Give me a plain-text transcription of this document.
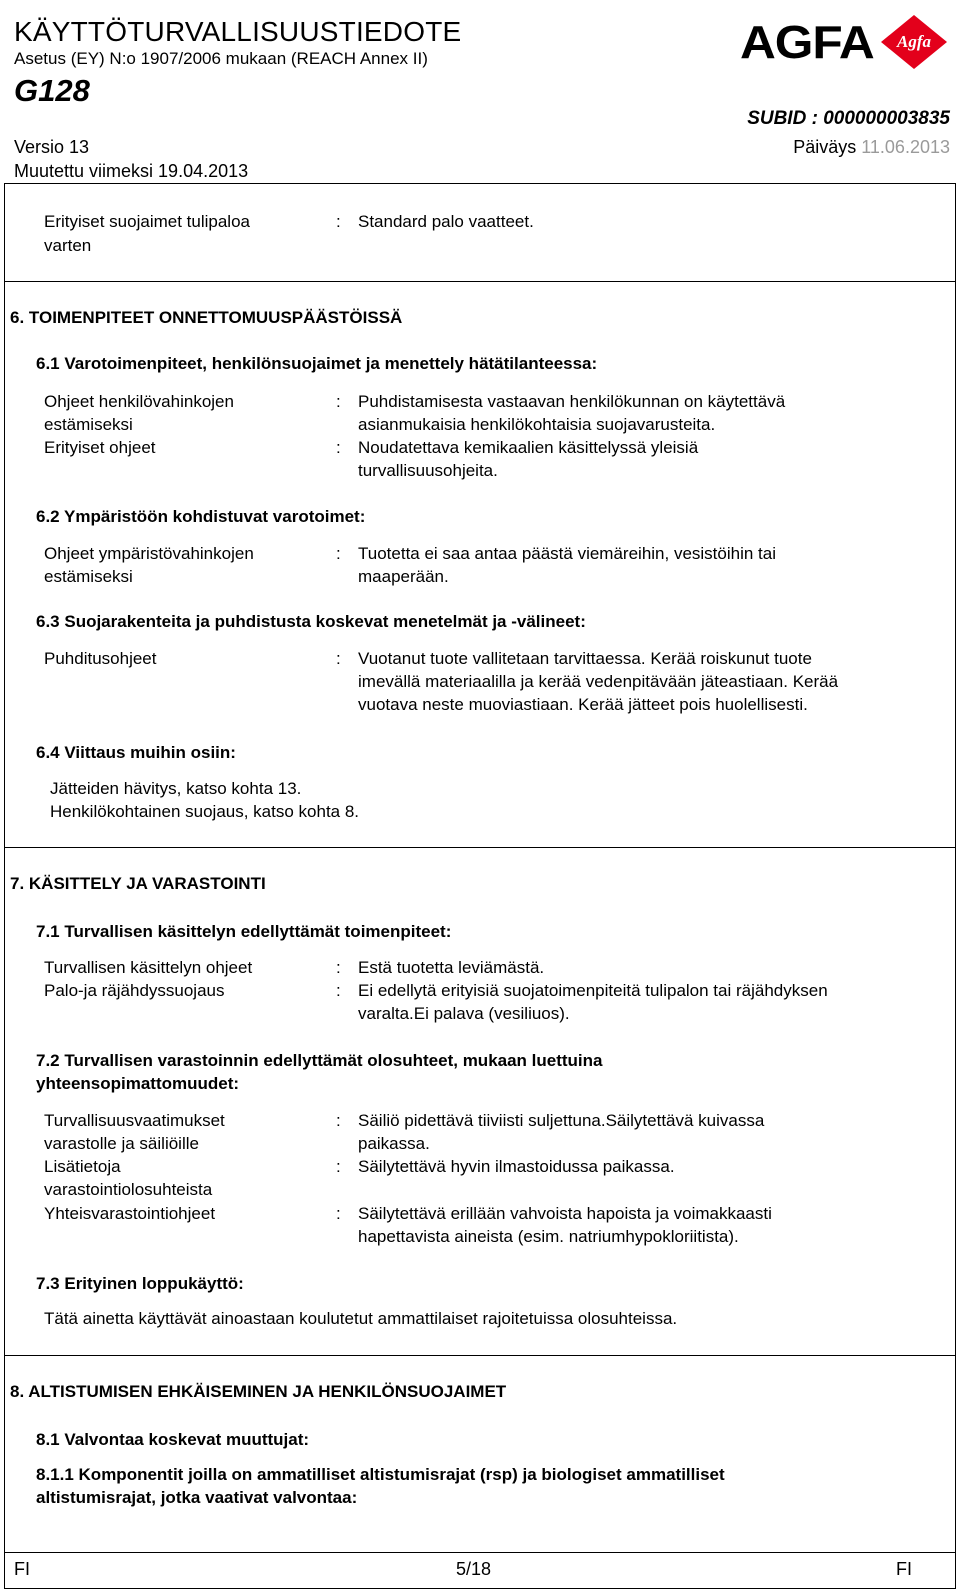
KÄYTTÖTURVALLISUUSTIEDOTE
Asetus (EY) N:o 1907/2006 mukaan (REACH Annex II)
G128
SUBID : 000000003835
Versio 13
Muutettu viimeksi 19.04.2013
Päiväys 11.06.2013
AGFA Agfa
Erityiset suojaimet tulipaloa
varten
: Standard palo vaatteet.
6. TOIMENPITEET ONNETTOMUUSPÄÄSTÖISSÄ
6.1 Varotoimenpiteet, henkilönsuojaimet ja menettely hätätilanteessa:
Ohjeet henkilövahinkojen
estämiseksi
: Puhdistamisesta vastaavan henkilökunnan on käytettävä
asianmukaisia henkilökohtaisia suojavarusteita.
Erityiset ohjeet	: Noudatettava kemikaalien käsittelyssä yleisiä
turvallisuusohjeita.
6.2 Ympäristöön kohdistuvat varotoimet:
Ohjeet ympäristövahinkojen
estämiseksi
: Tuotetta ei saa antaa päästä viemäreihin, vesistöihin tai
maaperään.
6.3 Suojarakenteita ja puhdistusta koskevat menetelmät ja -välineet:
Puhditusohjeet	: Vuotanut tuote vallitetaan tarvittaessa. Kerää roiskunut tuote
imevällä materiaalilla ja kerää vedenpitävään jäteastiaan. Kerää
vuotava neste muoviastiaan. Kerää jätteet pois huolellisesti.
6.4 Viittaus muihin osiin:
Jätteiden hävitys, katso kohta 13.
Henkilökohtainen suojaus, katso kohta 8.
7. KÄSITTELY JA VARASTOINTI
7.1 Turvallisen käsittelyn edellyttämät toimenpiteet:
Turvallisen käsittelyn ohjeet	: Estä tuotetta leviämästä.
Palo-ja räjähdyssuojaus	: Ei edellytä erityisiä suojatoimenpiteitä tulipalon tai räjähdyksen
varalta.Ei palava (vesiliuos).
7.2 Turvallisen varastoinnin edellyttämät olosuhteet, mukaan luettuina
yhteensopimattomuudet:
Turvallisuusvaatimukset
varastolle ja säiliöille
: Säiliö pidettävä tiiviisti suljettuna.Säilytettävä kuivassa
paikassa.
Lisätietoja
varastointiolosuhteista
: Säilytettävä hyvin ilmastoidussa paikassa.
Yhteisvarastointiohjeet	: Säilytettävä erillään vahvoista hapoista ja voimakkaasti
hapettavista aineista (esim. natriumhypokloriitista).
7.3 Erityinen loppukäyttö:
Tätä ainetta käyttävät ainoastaan koulutetut ammattilaiset rajoitetuissa olosuhteissa.
8. ALTISTUMISEN EHKÄISEMINEN JA HENKILÖNSUOJAIMET
8.1 Valvontaa koskevat muuttujat:
8.1.1 Komponentit joilla on ammatilliset altistumisrajat (rsp) ja biologiset ammatilliset
altistumisrajat, jotka vaativat valvontaa:
FI	5/18	FI
